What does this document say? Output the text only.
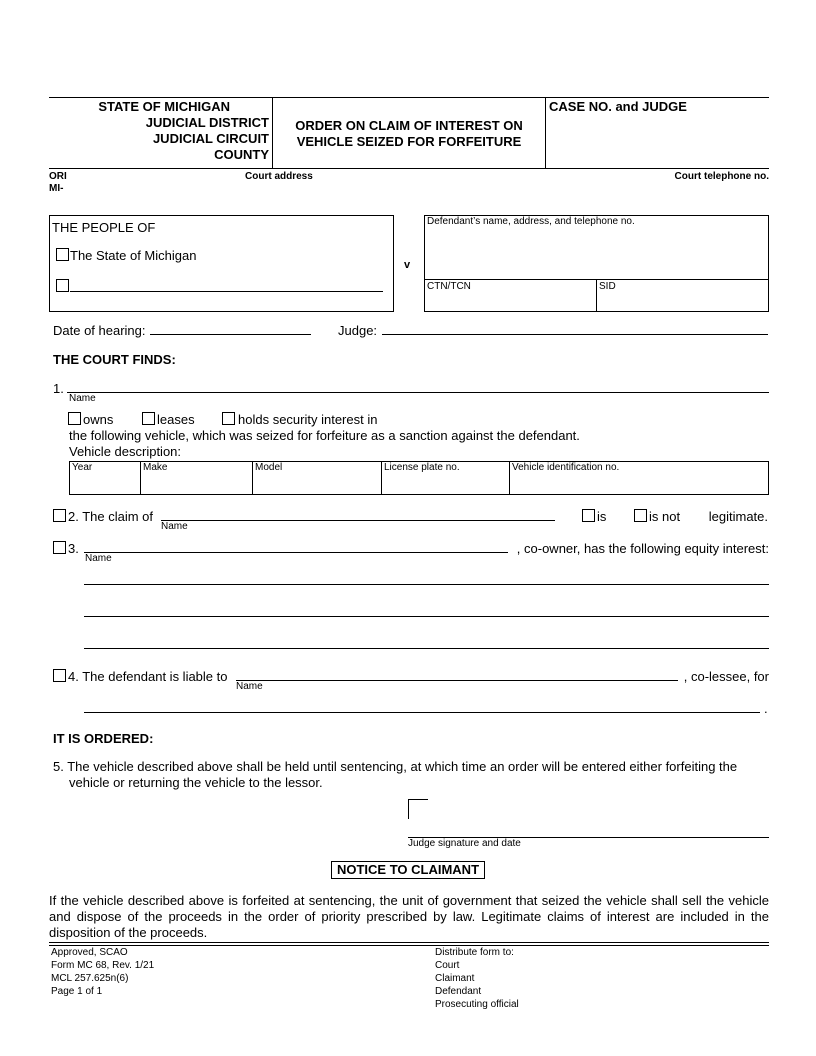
STATE OF MICHIGAN
JUDICIAL DISTRICT
JUDICIAL CIRCUIT
COUNTY
ORDER ON CLAIM OF INTEREST ON
VEHICLE SEIZED FOR FORFEITURE
CASE NO. and JUDGE
ORI
MI-
Court address	Court telephone no.
THE PEOPLE OF
The State of Michigan
v
Defendant’s name, address, and telephone no.
CTN/TCN	SID
Date of hearing:	Judge:
THE COURT FINDS:
1.
Name
owns	leases	holds security interest in
the following vehicle, which was seized for forfeiture as a sanction against the defendant.
Vehicle description:
Year	Make	Model	License plate no.	Vehicle identification no.
2. The claim of
Name
is	is not	legitimate.
3.
Name
, co-owner, has the following equity interest:
4. The defendant is liable to
Name
, co-lessee, for
.
IT IS ORDERED:
5. The vehicle described above shall be held until sentencing, at which time an order will be entered either forfeiting the
vehicle or returning the vehicle to the lessor.
Judge signature and date
NOTICE TO CLAIMANT
If the vehicle described above is forfeited at sentencing, the unit of government that seized the vehicle shall sell the vehicle
and dispose of the proceeds in the order of priority prescribed by law. Legitimate claims of interest are included in the
disposition of the proceeds.
Approved, SCAO
Form MC 68, Rev. 1/21
MCL 257.625n(6)
Page 1 of 1
Distribute form to:
Court
Claimant
Defendant
Prosecuting official
